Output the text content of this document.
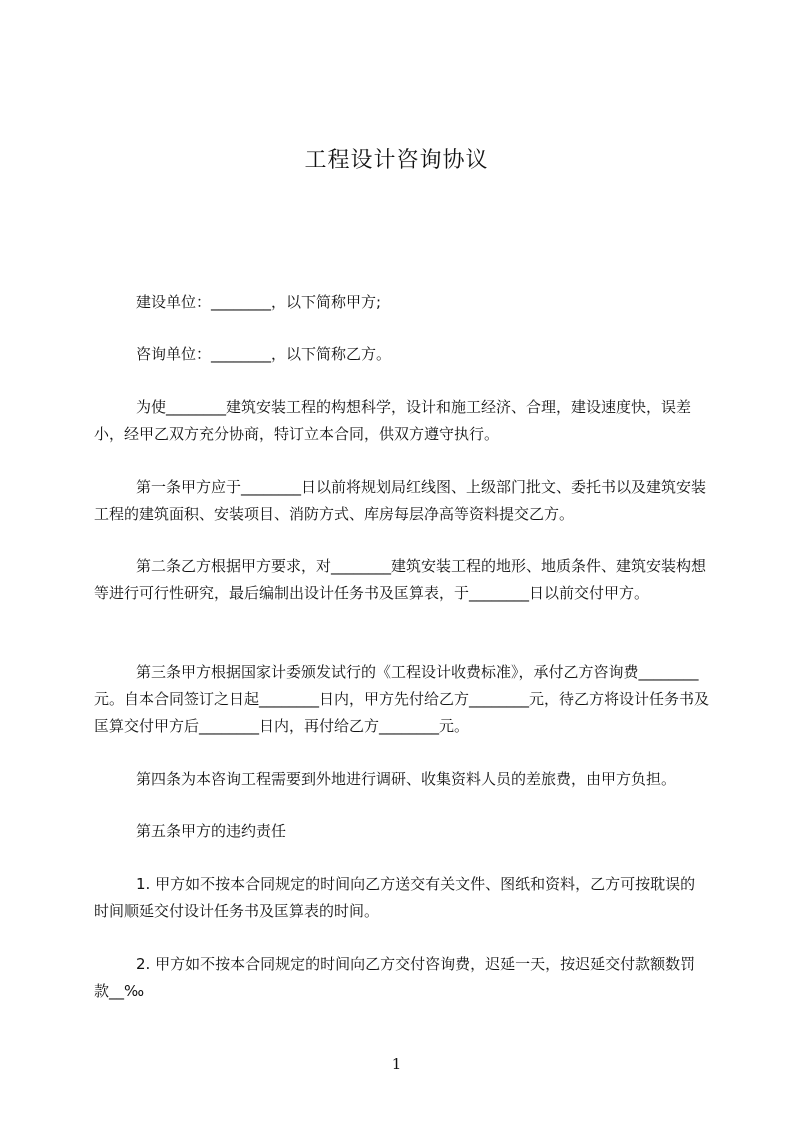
工程设计咨询协议

建设单位：________，以下简称甲方;

咨询单位：________，以下简称乙方。

为使________建筑安装工程的构想科学，设计和施工经济、合理，建设速度快，误差小，经甲乙双方充分协商，特订立本合同，供双方遵守执行。

第一条甲方应于________日以前将规划局红线图、上级部门批文、委托书以及建筑安装工程的建筑面积、安装项目、消防方式、库房每层净高等资料提交乙方。

第二条乙方根据甲方要求，对________建筑安装工程的地形、地质条件、建筑安装构想等进行可行性研究，最后编制出设计任务书及匡算表，于________日以前交付甲方。

第三条甲方根据国家计委颁发试行的《工程设计收费标准》，承付乙方咨询费________元。自本合同签订之日起________日内，甲方先付给乙方________元，待乙方将设计任务书及匡算交付甲方后________日内，再付给乙方________元。

第四条为本咨询工程需要到外地进行调研、收集资料人员的差旅费，由甲方负担。

第五条甲方的违约责任

1. 甲方如不按本合同规定的时间向乙方送交有关文件、图纸和资料，乙方可按耽误的时间顺延交付设计任务书及匡算表的时间。

2. 甲方如不按本合同规定的时间向乙方交付咨询费，迟延一天，按迟延交付款额数罚款__‰

1
